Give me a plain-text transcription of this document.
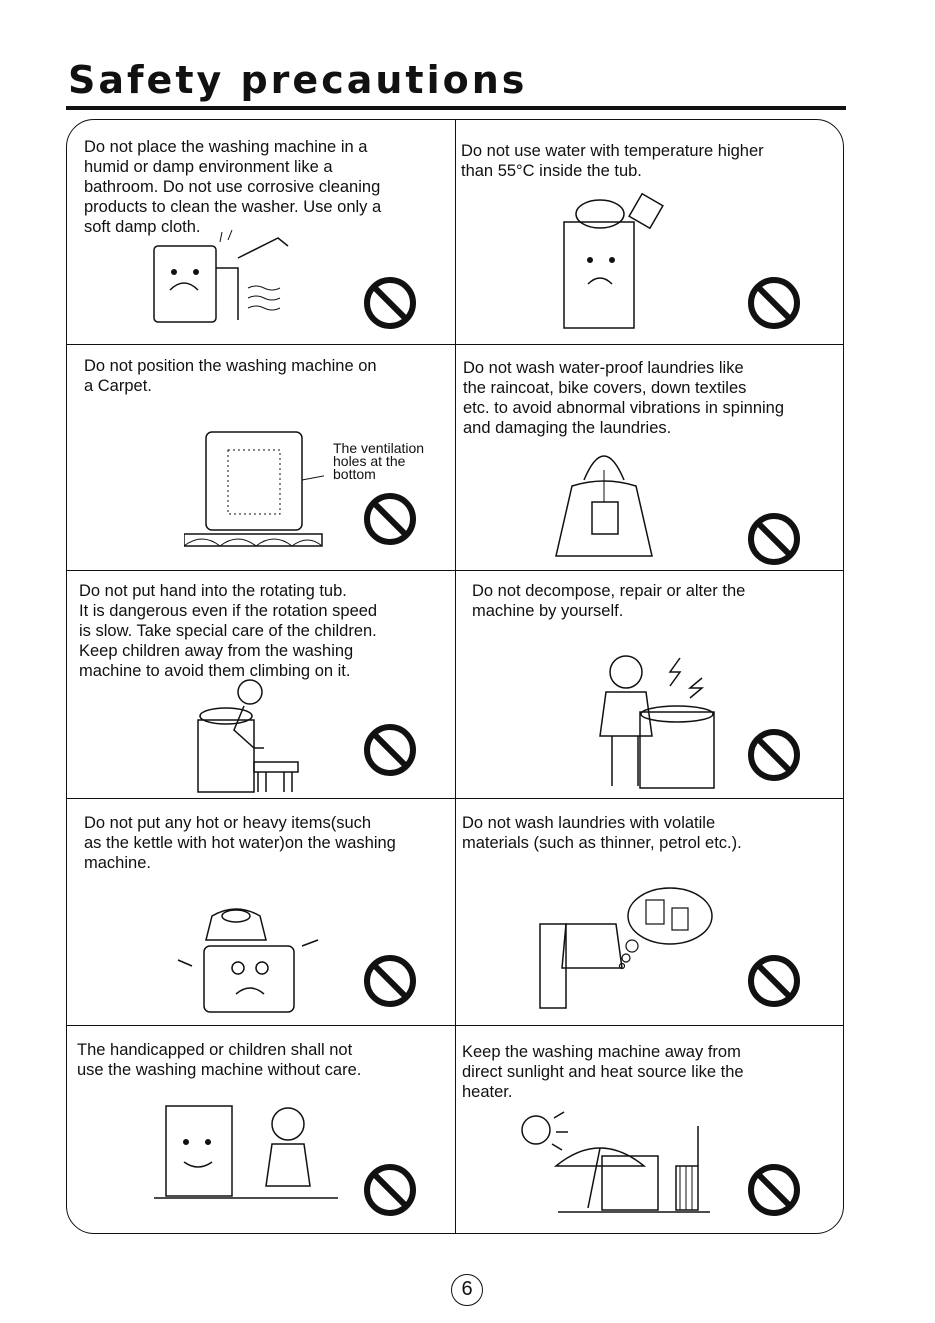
Safety precautions
Do not place the washing machine in a
humid or damp environment like a
bathroom. Do not use corrosive cleaning
products to clean the washer. Use only a
soft damp cloth.
Do not use water with temperature higher
than 55°C inside the tub.
Do not position the washing machine on
a Carpet.
Do not wash water-proof laundries like
the raincoat, bike covers, down textiles
etc. to avoid abnormal vibrations in spinning
and damaging the laundries.
Do not put hand into the rotating tub.
It is dangerous even if the rotation speed
is slow. Take special care of the children.
Keep children away from the washing
machine to avoid them climbing on it.
Do not decompose, repair or alter the
machine by yourself.
Do not put any hot or heavy items(such
as the kettle with hot water)on the washing
machine.
Do not wash laundries with volatile
materials (such as thinner, petrol etc.).
The handicapped or children shall not
use the washing machine without care.
Keep the washing machine away from
direct sunlight and heat source like the
heater.
The ventilation
holes at the
bottom
6
